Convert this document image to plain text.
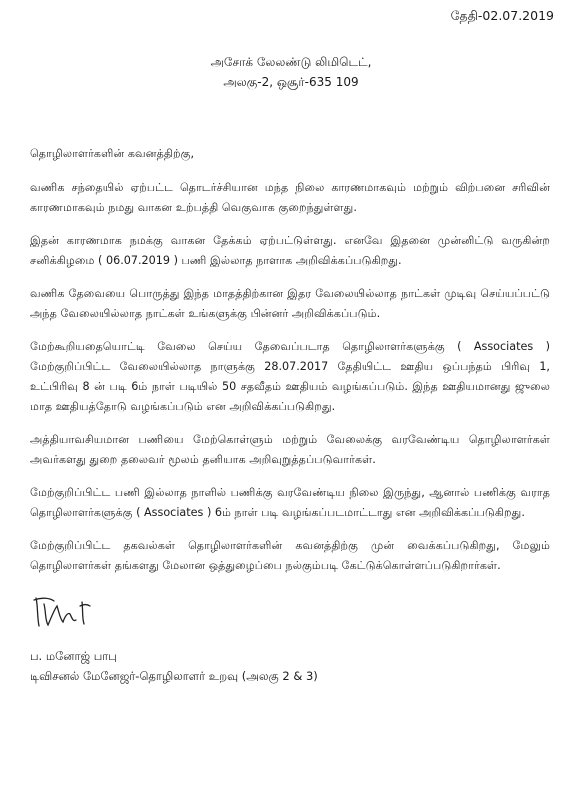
தேதி-02.07.2019
அசோக் லேலண்டு லிமிடெட்,
அலகு-2, ஒசூர்-635 109
தொழிலாளர்களின் கவனத்திற்கு,

வணிக சந்தையில் ஏற்பட்ட தொடர்ச்சியான மந்த நிலை காரணமாகவும் மற்றும் விற்பனை சரிவின் காரணமாகவும் நமது வாகன உற்பத்தி வெகுவாக குறைந்துள்ளது.

இதன் காரணமாக நமக்கு வாகன தேக்கம் ஏற்பட்டுள்ளது. எனவே இதனை முன்னிட்டு வருகின்ற சனிக்கிழமை ( 06.07.2019 ) பணி இல்லாத நாளாக அறிவிக்கப்படுகிறது.

வணிக தேவையை பொருத்து இந்த மாதத்திற்கான இதர வேலையில்லாத நாட்கள் முடிவு செய்யப்பட்டு அந்த வேலையில்லாத நாட்கள் உங்களுக்கு பின்னர் அறிவிக்கப்படும்.

மேற்கூறியதையொட்டி வேலை செய்ய தேவைப்படாத தொழிலாளர்களுக்கு ( Associates ) மேற்குறிப்பிட்ட வேலையில்லாத நாளுக்கு 28.07.2017 தேதியிட்ட ஊதிய ஒப்பந்தம் பிரிவு 1, உட்பிரிவு 8 ன் படி 6ம் நாள் படியில் 50 சதவீதம் ஊதியம் வழங்கப்படும். இந்த ஊதியமானது ஜுலை மாத ஊதியத்தோடு வழங்கப்படும் என அறிவிக்கப்படுகிறது.

அத்தியாவசியமான பணியை மேற்கொள்ளும் மற்றும் வேலைக்கு வரவேண்டிய தொழிலாளர்கள் அவர்களது துறை தலைவர் மூலம் தனியாக அறிவுறுத்தப்படுவார்கள்.

மேற்குறிப்பிட்ட பணி இல்லாத நாளில் பணிக்கு வரவேண்டிய நிலை இருந்து, ஆனால் பணிக்கு வராத தொழிலாளர்களுக்கு ( Associates ) 6ம் நாள் படி வழங்கப்படமாட்டாது என அறிவிக்கப்படுகிறது.

மேற்குறிப்பிட்ட தகவல்கள் தொழிலாளர்களின் கவனத்திற்கு முன் வைக்கப்படுகிறது, மேலும் தொழிலாளர்கள் தங்களது மேலான ஒத்துழைப்பை நல்கும்படி கேட்டுக்கொள்ளப்படுகிறார்கள்.

ப. மனோஜ் பாபு
டிவிசனல் மேனேஜர்-தொழிலாளர் உறவு (அலகு 2 & 3)
